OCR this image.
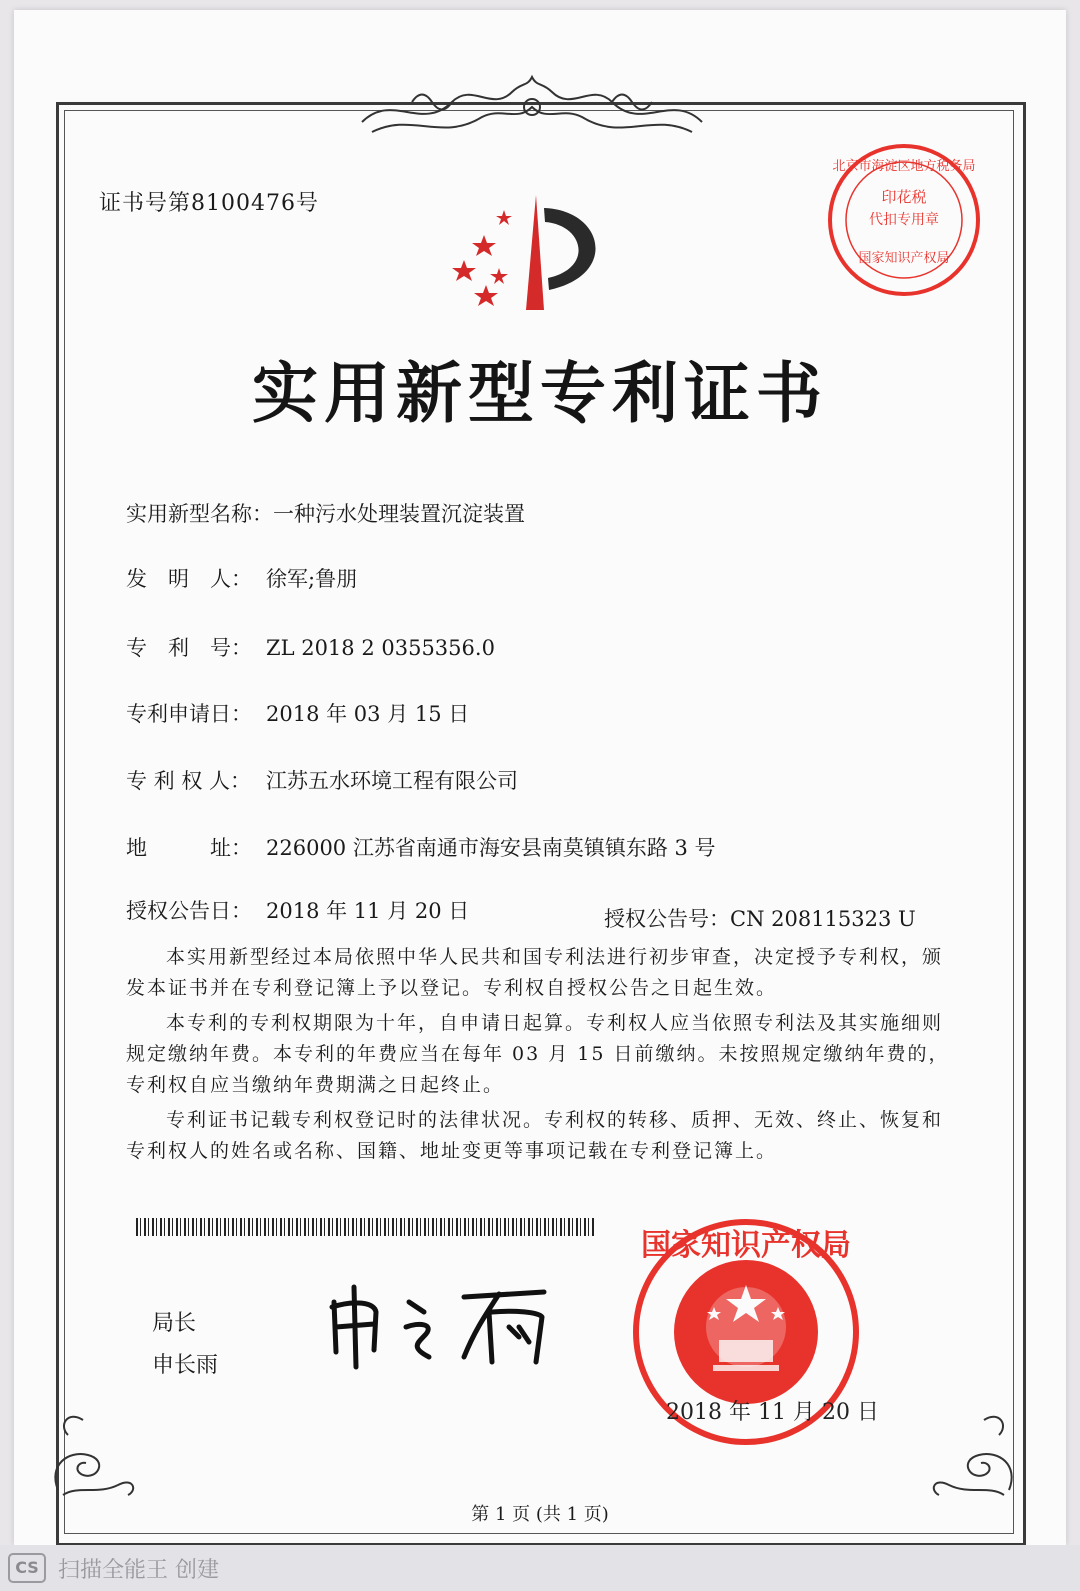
证书号第8100476号	印花税
代扣专用章
国家知识产权局
北京市海淀区地方税务局
实用新型专利证书
实用新型名称：一种污水处理装置沉淀装置
发　明　人： 徐军;鲁朋
专　利　号： ZL 2018 2 0355356.0
专利申请日： 2018 年 03 月 15 日
专 利 权 人： 江苏五水环境工程有限公司
地　　　址： 226000 江苏省南通市海安县南莫镇镇东路 3 号
授权公告日： 2018 年 11 月 20 日	授权公告号：CN 208115323 U
本实用新型经过本局依照中华人民共和国专利法进行初步审查，决定授予专利权，颁发本证书并在专利登记簿上予以登记。专利权自授权公告之日起生效。
本专利的专利权期限为十年，自申请日起算。专利权人应当依照专利法及其实施细则规定缴纳年费。本专利的年费应当在每年 03 月 15 日前缴纳。未按照规定缴纳年费的，专利权自应当缴纳年费期满之日起终止。
专利证书记载专利权登记时的法律状况。专利权的转移、质押、无效、终止、恢复和专利权人的姓名或名称、国籍、地址变更等事项记载在专利登记簿上。
局长
申长雨
国家知识产权局
2018 年 11 月 20 日
第 1 页 (共 1 页)
CS 扫描全能王 创建
